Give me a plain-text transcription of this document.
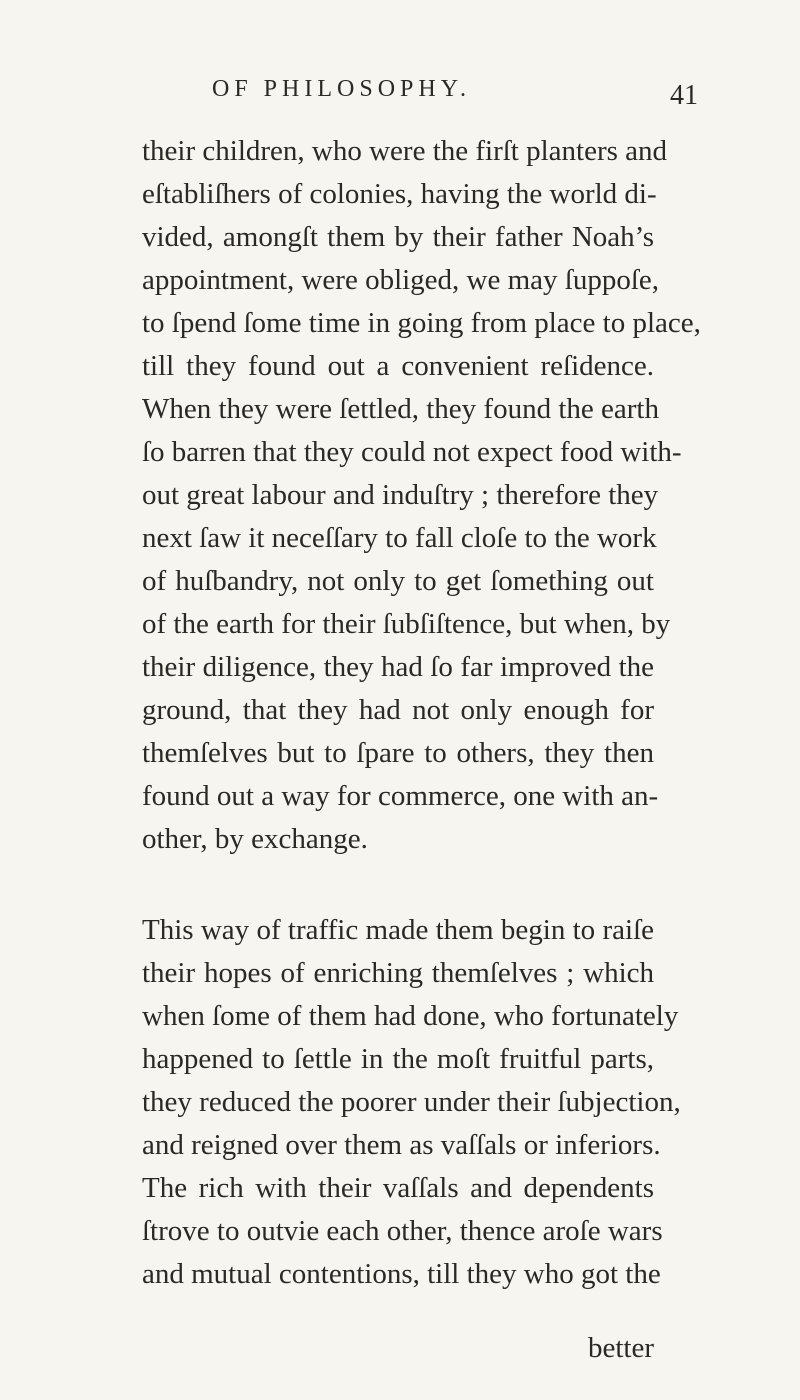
OF PHILOSOPHY.	41
their children, who were the firſt planters and
eſtabliſhers of colonies, having the world di-
vided, amongſt them by their father Noah’s
appointment, were obliged, we may ſuppoſe,
to ſpend ſome time in going from place to place,
till they found out a convenient reſidence.
When they were ſettled, they found the earth
ſo barren that they could not expect food with-
out great labour and induſtry ; therefore they
next ſaw it neceſſary to fall cloſe to the work
of huſbandry, not only to get ſomething out
of the earth for their ſubſiſtence, but when, by
their diligence, they had ſo far improved the
ground, that they had not only enough for
themſelves but to ſpare to others, they then
found out a way for commerce, one with an-
other, by exchange.
This way of traffic made them begin to raiſe
their hopes of enriching themſelves ; which
when ſome of them had done, who fortunately
happened to ſettle in the moſt fruitful parts,
they reduced the poorer under their ſubjection,
and reigned over them as vaſſals or inferiors.
The rich with their vaſſals and dependents
ſtrove to outvie each other, thence aroſe wars
and mutual contentions, till they who got the
better
